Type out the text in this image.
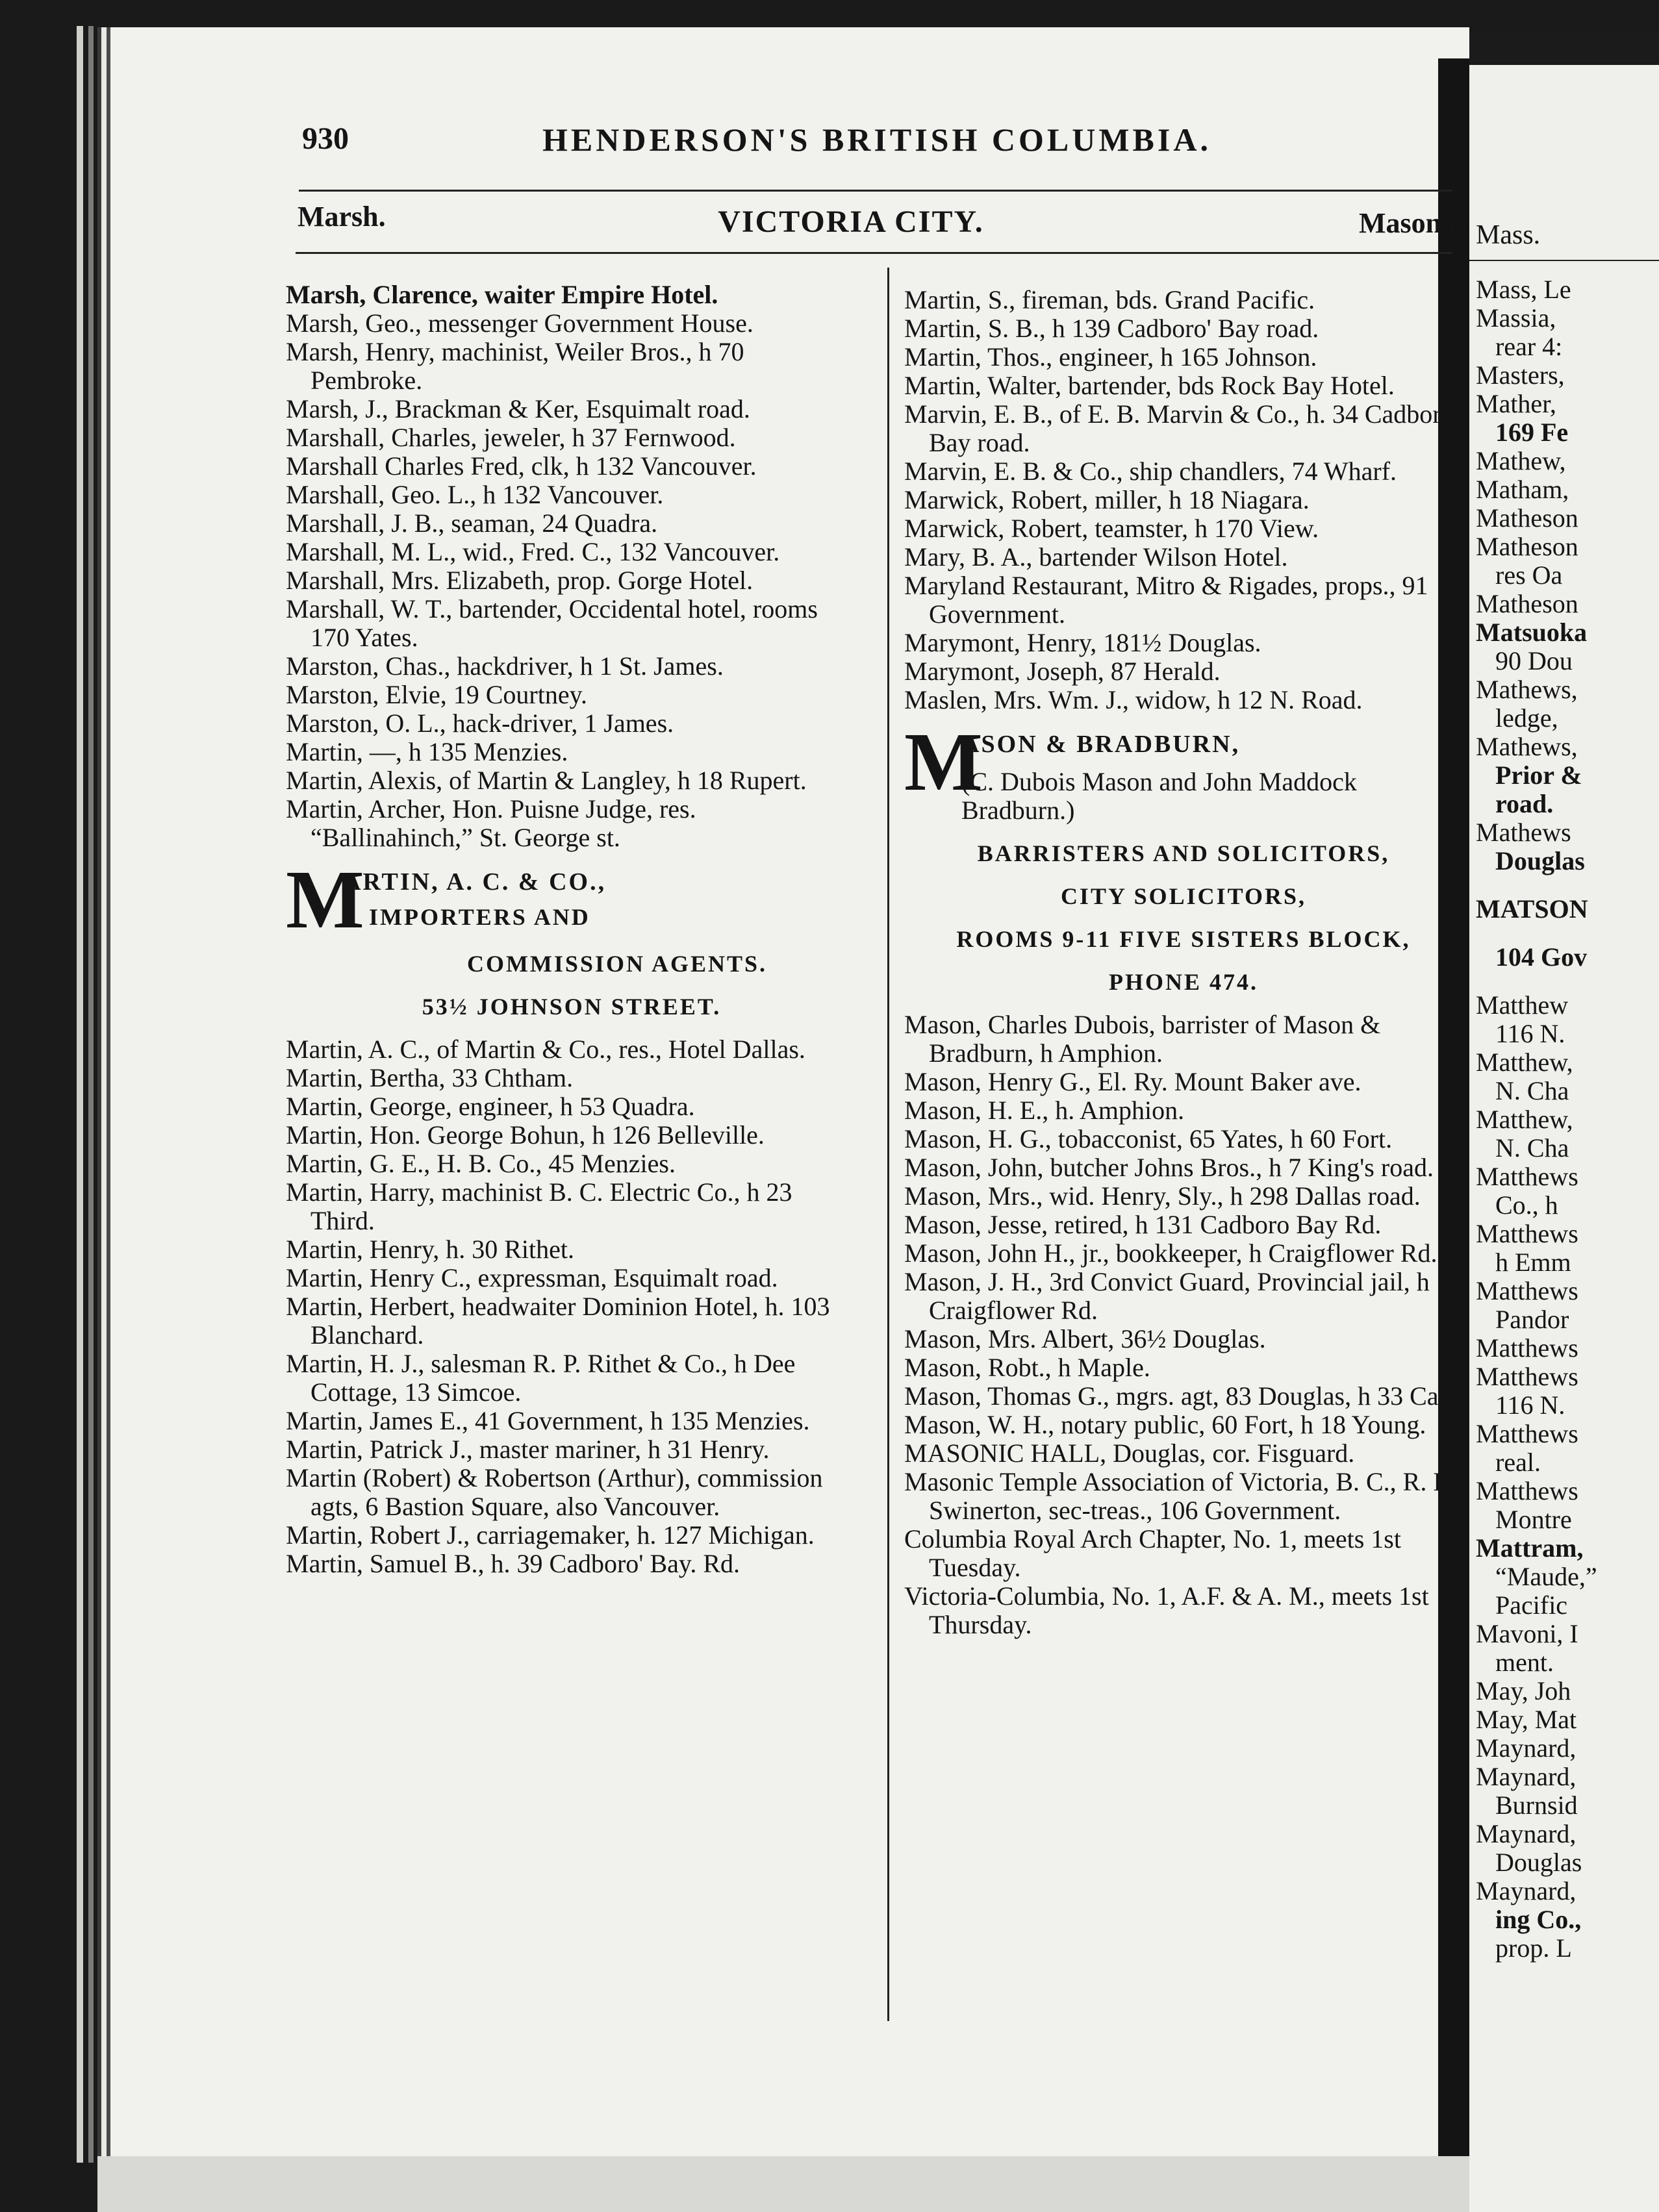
930	HENDERSON'S BRITISH COLUMBIA.
Marsh.	VICTORIA CITY.	Masonic.

Marsh, Clarence, waiter Empire Hotel.

Marsh, Geo., messenger Government House.

Marsh, Henry, machinist, Weiler Bros., h 70 Pembroke.

Marsh, J., Brackman & Ker, Esquimalt road.

Marshall, Charles, jeweler, h 37 Fernwood.

Marshall Charles Fred, clk, h 132 Vancouver.

Marshall, Geo. L., h 132 Vancouver.

Marshall, J. B., seaman, 24 Quadra.

Marshall, M. L., wid., Fred. C., 132 Vancouver.

Marshall, Mrs. Elizabeth, prop. Gorge Hotel.

Marshall, W. T., bartender, Occidental hotel, rooms 170 Yates.

Marston, Chas., hackdriver, h 1 St. James.

Marston, Elvie, 19 Courtney.

Marston, O. L., hack-driver, 1 James.

Martin, —, h 135 Menzies.

Martin, Alexis, of Martin & Langley, h 18 Rupert.

Martin, Archer, Hon. Puisne Judge, res. “Ballinahinch,” St. George st.

M
ARTIN, A. C. & CO.,
IMPORTERS AND
COMMISSION AGENTS.
53½ JOHNSON STREET.

Martin, A. C., of Martin & Co., res., Hotel Dallas.

Martin, Bertha, 33 Chtham.

Martin, George, engineer, h 53 Quadra.

Martin, Hon. George Bohun, h 126 Belleville.

Martin, G. E., H. B. Co., 45 Menzies.

Martin, Harry, machinist B. C. Electric Co., h 23 Third.

Martin, Henry, h. 30 Rithet.

Martin, Henry C., expressman, Esquimalt road.

Martin, Herbert, headwaiter Dominion Hotel, h. 103 Blanchard.

Martin, H. J., salesman R. P. Rithet & Co., h Dee Cottage, 13 Simcoe.

Martin, James E., 41 Government, h 135 Menzies.

Martin, Patrick J., master mariner, h 31 Henry.

Martin (Robert) & Robertson (Arthur), commission agts, 6 Bastion Square, also Vancouver.

Martin, Robert J., carriagemaker, h. 127 Michigan.

Martin, Samuel B., h. 39 Cadboro' Bay. Rd.

Martin, S., fireman, bds. Grand Pacific.

Martin, S. B., h 139 Cadboro' Bay road.

Martin, Thos., engineer, h 165 Johnson.

Martin, Walter, bartender, bds Rock Bay Hotel.

Marvin, E. B., of E. B. Marvin & Co., h. 34 Cadboro Bay road.

Marvin, E. B. & Co., ship chandlers, 74 Wharf.

Marwick, Robert, miller, h 18 Niagara.

Marwick, Robert, teamster, h 170 View.

Mary, B. A., bartender Wilson Hotel.

Maryland Restaurant, Mitro & Rigades, props., 91 Government.

Marymont, Henry, 181½ Douglas.

Marymont, Joseph, 87 Herald.

Maslen, Mrs. Wm. J., widow, h 12 N. Road.

M
ASON & BRADBURN,
(C. Dubois Mason and John Maddock Bradburn.)
BARRISTERS AND SOLICITORS,
CITY SOLICITORS,
ROOMS 9-11 FIVE SISTERS BLOCK,
PHONE 474.

Mason, Charles Dubois, barrister of Mason & Bradburn, h Amphion.

Mason, Henry G., El. Ry. Mount Baker ave.

Mason, H. E., h. Amphion.

Mason, H. G., tobacconist, 65 Yates, h 60 Fort.

Mason, John, butcher Johns Bros., h 7 King's road.

Mason, Mrs., wid. Henry, Sly., h 298 Dallas road.

Mason, Jesse, retired, h 131 Cadboro Bay Rd.

Mason, John H., jr., bookkeeper, h Craigflower Rd.

Mason, J. H., 3rd Convict Guard, Provincial jail, h Craigflower Rd.

Mason, Mrs. Albert, 36½ Douglas.

Mason, Robt., h Maple.

Mason, Thomas G., mgrs. agt, 83 Douglas, h 33 Carr.

Mason, W. H., notary public, 60 Fort, h 18 Young.

MASONIC HALL, Douglas, cor. Fisguard.

Masonic Temple Association of Victoria, B. C., R. H. Swinerton, sec-treas., 106 Government.

Columbia Royal Arch Chapter, No. 1, meets 1st Tuesday.

Victoria-Columbia, No. 1, A.F. & A. M., meets 1st Thursday.

Mass.

Mass, Le

Massia,

rear 4:

Masters,

Mather,

169 Fe

Mathew,

Matham,

Matheson

Matheson

res Oa

Matheson

Matsuoka

90 Dou

Mathews,

ledge,

Mathews,

Prior &

road.

Mathews

Douglas

MATSON

104 Gov

Matthew

116 N.

Matthew,

N. Cha

Matthew,

N. Cha

Matthews

Co., h

Matthews

h Emm

Matthews

Pandor

Matthews

Matthews

116 N.

Matthews

real.

Matthews

Montre

Mattram,

“Maude,”

Pacific

Mavoni, I

ment.

May, Joh

May, Mat

Maynard,

Maynard,

Burnsid

Maynard,

Douglas

Maynard,

ing Co.,

prop. L
